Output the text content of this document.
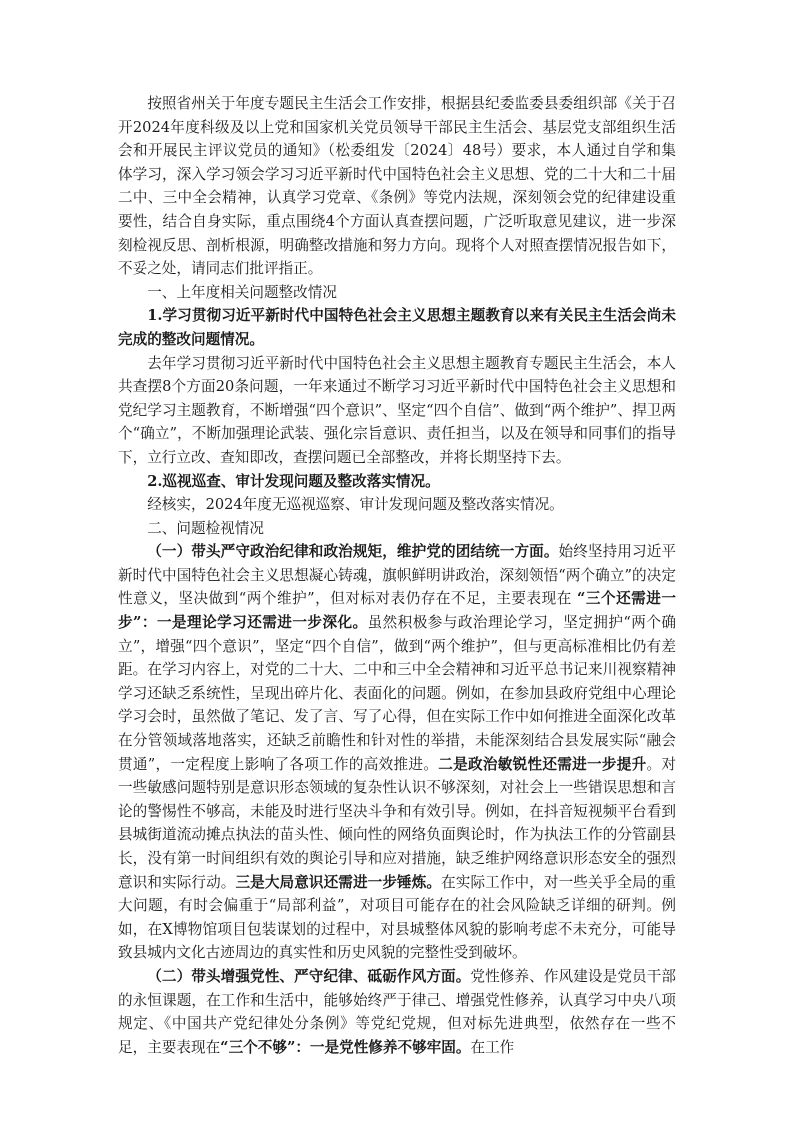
按照省州关于年度专题民主生活会工作安排，根据县纪委监委县委组织部《关于召开2024年度科级及以上党和国家机关党员领导干部民主生活会、基层党支部组织生活会和开展民主评议党员的通知》（松委组发〔2024〕48号）要求，本人通过自学和集体学习，深入学习领会学习习近平新时代中国特色社会主义思想、党的二十大和二十届二中、三中全会精神，认真学习党章、《条例》等党内法规，深刻领会党的纪律建设重要性，结合自身实际，重点围绕4个方面认真查摆问题，广泛听取意见建议，进一步深刻检视反思、剖析根源，明确整改措施和努力方向。现将个人对照查摆情况报告如下，不妥之处，请同志们批评指正。

一、上年度相关问题整改情况

1.学习贯彻习近平新时代中国特色社会主义思想主题教育以来有关民主生活会尚未完成的整改问题情况。

去年学习贯彻习近平新时代中国特色社会主义思想主题教育专题民主生活会，本人共查摆8个方面20条问题，一年来通过不断学习习近平新时代中国特色社会主义思想和党纪学习主题教育，不断增强“四个意识”、坚定“四个自信”、做到“两个维护”、捍卫两个“确立”，不断加强理论武装、强化宗旨意识、责任担当，以及在领导和同事们的指导下，立行立改、查知即改，查摆问题已全部整改，并将长期坚持下去。

2.巡视巡查、审计发现问题及整改落实情况。

经核实，2024年度无巡视巡察、审计发现问题及整改落实情况。

二、问题检视情况

（一）带头严守政治纪律和政治规矩，维护党的团结统一方面。始终坚持用习近平新时代中国特色社会主义思想凝心铸魂，旗帜鲜明讲政治，深刻领悟“两个确立”的决定性意义，坚决做到“两个维护”，但对标对表仍存在不足，主要表现在 “三个还需进一步”：一是理论学习还需进一步深化。虽然积极参与政治理论学习，坚定拥护“两个确立”，增强“四个意识”，坚定“四个自信”，做到“两个维护”，但与更高标准相比仍有差距。在学习内容上，对党的二十大、二中和三中全会精神和习近平总书记来川视察精神学习还缺乏系统性，呈现出碎片化、表面化的问题。例如，在参加县政府党组中心理论学习会时，虽然做了笔记、发了言、写了心得，但在实际工作中如何推进全面深化改革在分管领域落地落实，还缺乏前瞻性和针对性的举措，未能深刻结合县发展实际“融会贯通”，一定程度上影响了各项工作的高效推进。二是政治敏锐性还需进一步提升。对一些敏感问题特别是意识形态领域的复杂性认识不够深刻，对社会上一些错误思想和言论的警惕性不够高，未能及时进行坚决斗争和有效引导。例如，在抖音短视频平台看到县城街道流动摊点执法的苗头性、倾向性的网络负面舆论时，作为执法工作的分管副县长，没有第一时间组织有效的舆论引导和应对措施，缺乏维护网络意识形态安全的强烈意识和实际行动。三是大局意识还需进一步锤炼。在实际工作中，对一些关乎全局的重大问题，有时会偏重于“局部利益”，对项目可能存在的社会风险缺乏详细的研判。例如，在X博物馆项目包装谋划的过程中，对县城整体风貌的影响考虑不未充分，可能导致县城内文化古迹周边的真实性和历史风貌的完整性受到破坏。

（二）带头增强党性、严守纪律、砥砺作风方面。党性修养、作风建设是党员干部的永恒课题，在工作和生活中，能够始终严于律己、增强党性修养，认真学习中央八项规定、《中国共产党纪律处分条例》等党纪党规，但对标先进典型，依然存在一些不足，主要表现在“三个不够”：一是党性修养不够牢固。在工作
